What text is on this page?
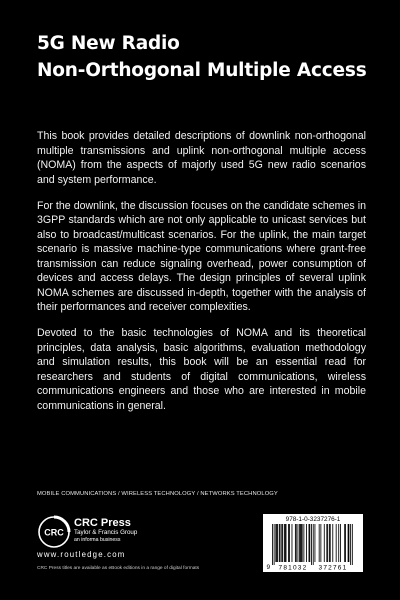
5G New Radio
Non-Orthogonal Multiple Access

This book provides detailed descriptions of downlink non-orthogonal multiple transmissions and uplink non-orthogonal multiple access (NOMA) from the aspects of majorly used 5G new radio scenarios and system performance.

For the downlink, the discussion focuses on the candidate schemes in 3GPP standards which are not only applicable to unicast services but also to broadcast/multicast scenarios. For the uplink, the main target scenario is massive machine-type communications where grant-free transmission can reduce signaling overhead, power consumption of devices and access delays. The design principles of several uplink NOMA schemes are discussed in-depth, together with the analysis of their performances and receiver complexities.

Devoted to the basic technologies of NOMA and its theoretical principles, data analysis, basic algorithms, evaluation methodology and simulation results, this book will be an essential read for researchers and students of digital communications, wireless communications engineers and those who are interested in mobile communications in general.

MOBILE COMMUNICATIONS / WIRELESS TECHNOLOGY / NETWORKS TECHNOLOGY
CRC
CRC Press
Taylor & Francis Group
an informa business
www.routledge.com
CRC Press titles are available as eBook editions in a range of digital formats
978-1-0-3237276-1
9 781032 372761
